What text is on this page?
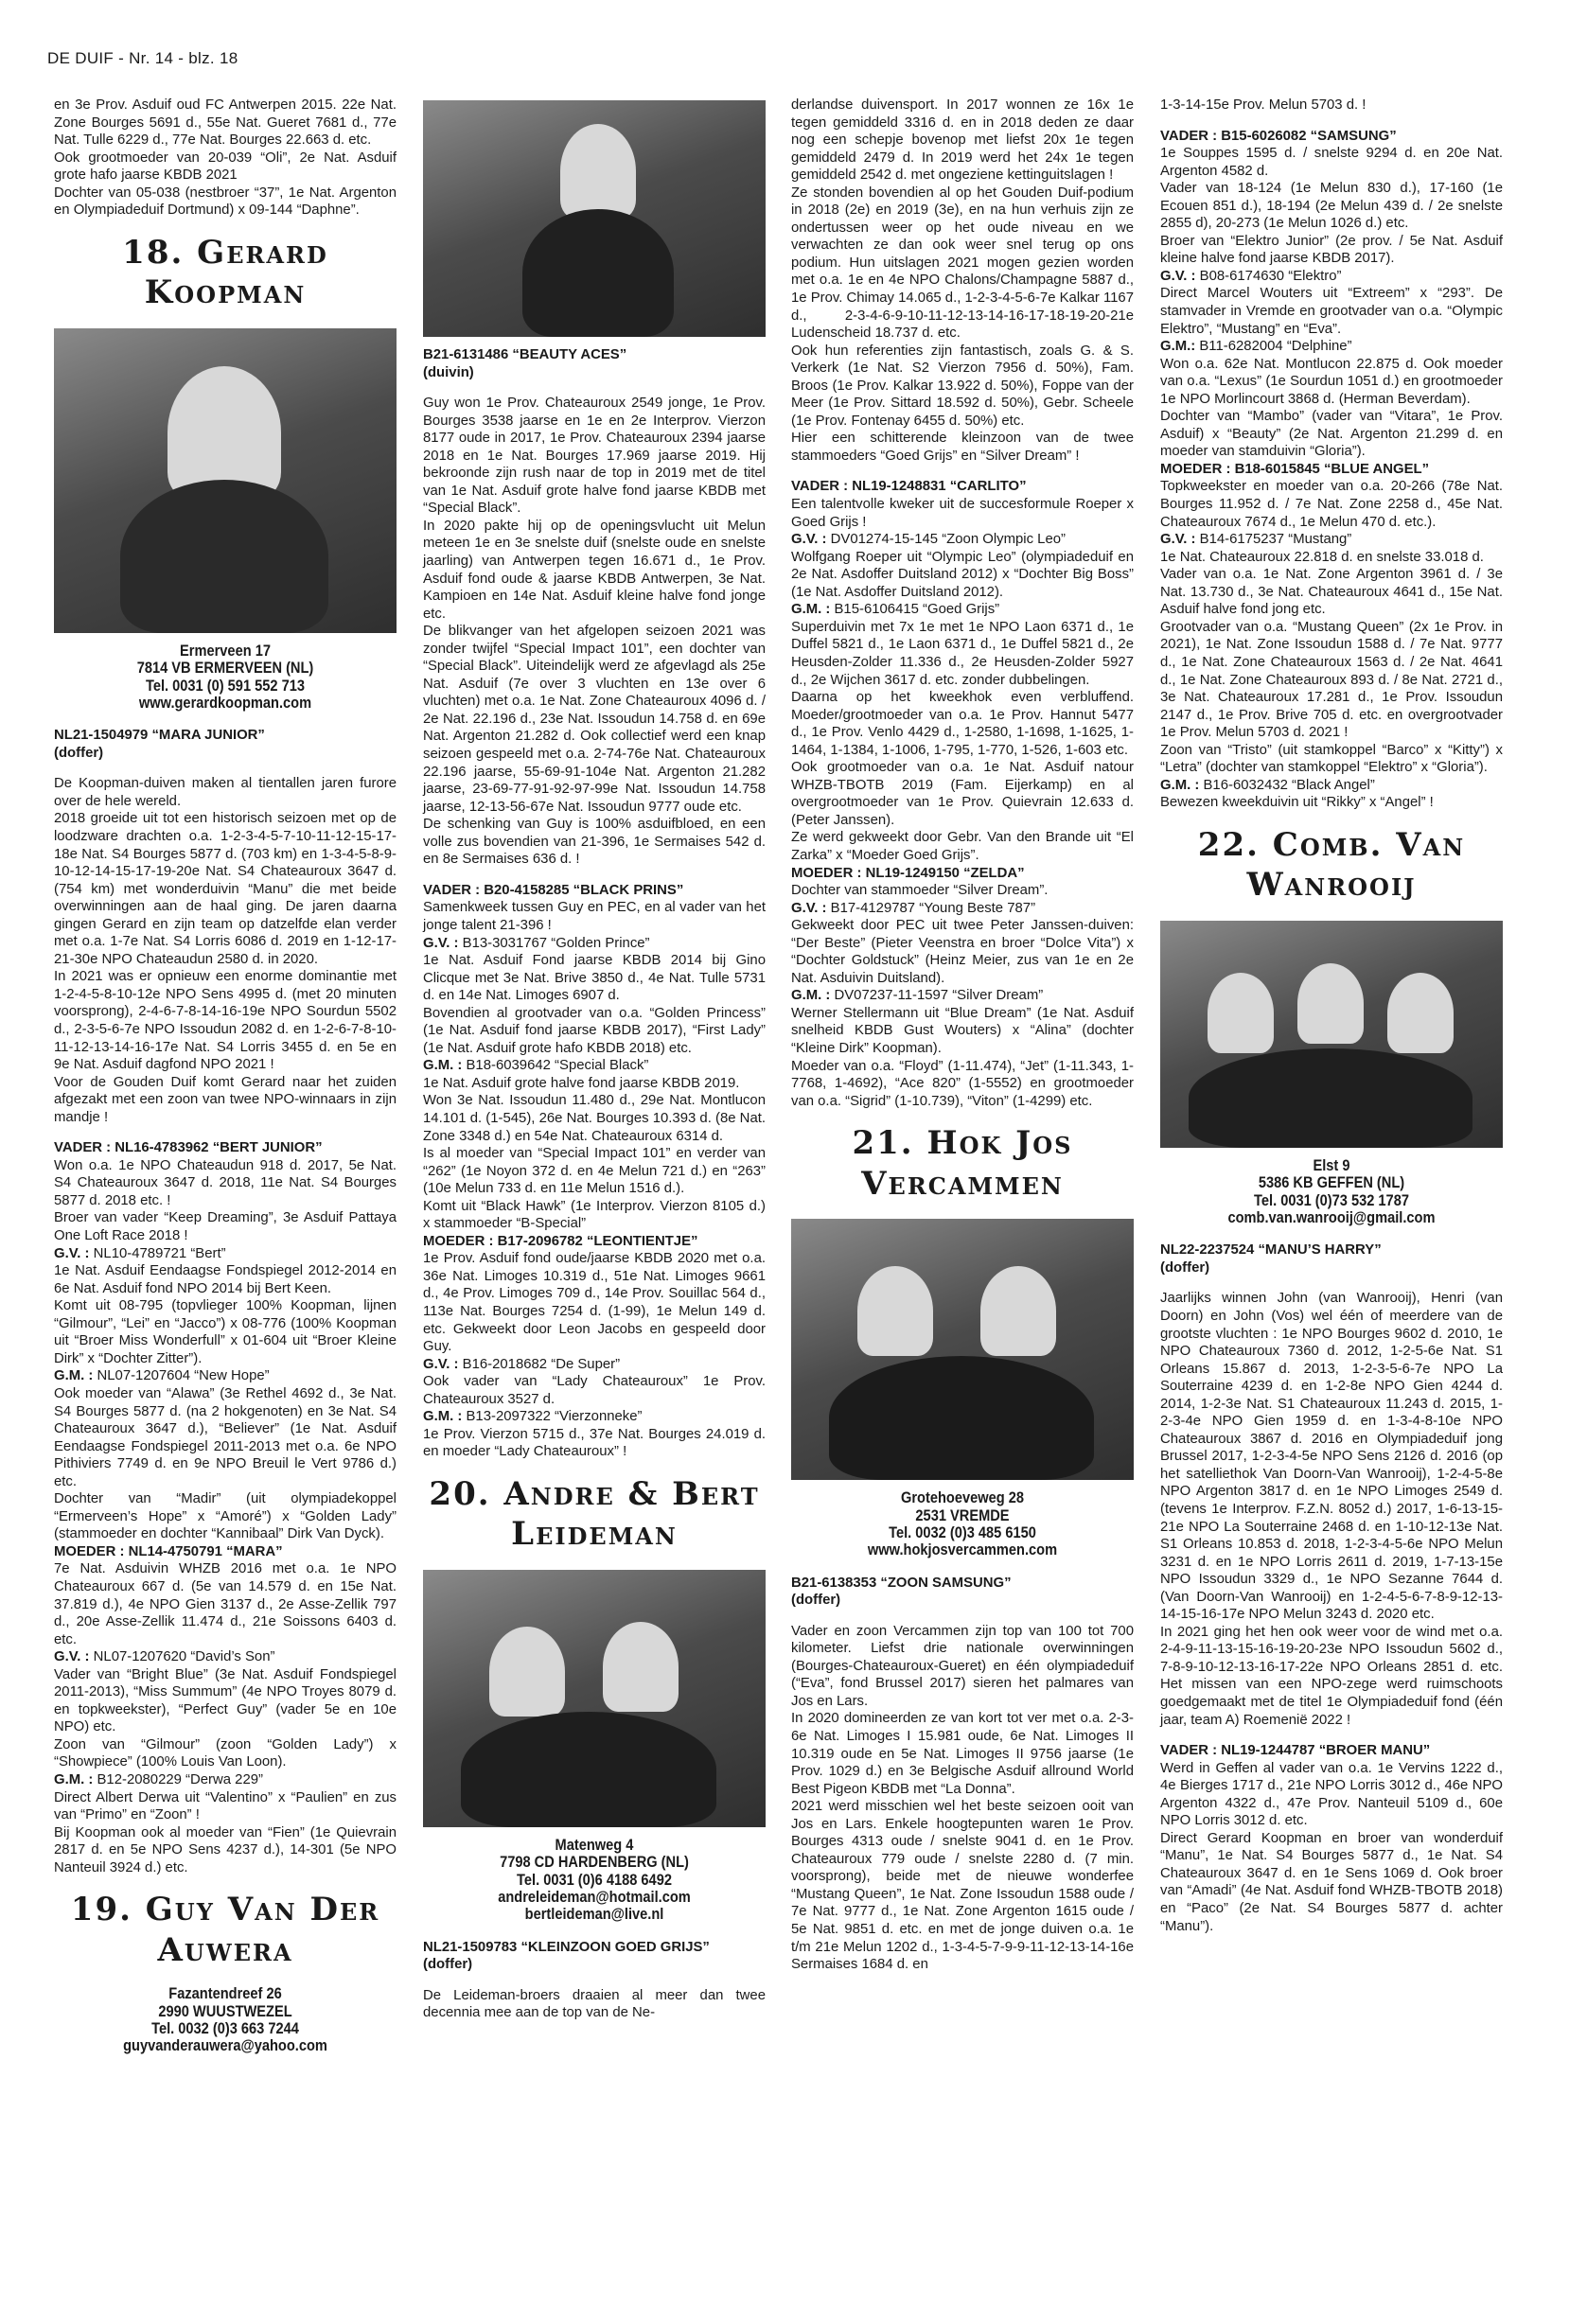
DE DUIF - Nr. 14 - blz. 18

en 3e Prov. Asduif oud FC Antwerpen 2015. 22e Nat. Zone Bourges 5691 d., 55e Nat. Gueret 7681 d., 77e Nat. Tulle 6229 d., 77e Nat. Bourges 22.663 d. etc.

Ook grootmoeder van 20-039 “Oli”, 2e Nat. Asduif grote hafo jaarse KBDB 2021

Dochter van 05-038 (nestbroer “37”, 1e Nat. Argenton en Olympiadeduif Dortmund) x 09-144 “Daphne”.

18. Gerard Koopman

Ermerveen 17

7814 VB ERMERVEEN (NL)

Tel. 0031 (0) 591 552 713

www.gerardkoopman.com

NL21-1504979 “MARA JUNIOR”

(doffer)

De Koopman-duiven maken al tientallen jaren furore over de hele wereld.

2018 groeide uit tot een historisch seizoen met op de loodzware drachten o.a. 1-2-3-4-5-7-10-11-12-15-17-18e Nat. S4 Bourges 5877 d. (703 km) en 1-3-4-5-8-9-10-12-14-15-17-19-20e Nat. S4 Chateauroux 3647 d. (754 km) met wonderduivin “Manu” die met beide overwinningen aan de haal ging. De jaren daarna gingen Gerard en zijn team op datzelfde elan verder met o.a. 1-7e Nat. S4 Lorris 6086 d. 2019 en 1-12-17-21-30e NPO Chateaudun 2580 d. in 2020.

In 2021 was er opnieuw een enorme dominantie met 1-2-4-5-8-10-12e NPO Sens 4995 d. (met 20 minuten voorsprong), 2-4-6-7-8-14-16-19e NPO Sourdun 5502 d., 2-3-5-6-7e NPO Issoudun 2082 d. en 1-2-6-7-8-10-11-12-13-14-16-17e Nat. S4 Lorris 3455 d. en 5e en 9e Nat. Asduif dagfond NPO 2021 !

Voor de Gouden Duif komt Gerard naar het zuiden afgezakt met een zoon van twee NPO-winnaars in zijn mandje !

VADER : NL16-4783962 “BERT JUNIOR”

Won o.a. 1e NPO Chateaudun 918 d. 2017, 5e Nat. S4 Chateauroux 3647 d. 2018, 11e Nat. S4 Bourges 5877 d. 2018 etc. !

Broer van vader “Keep Dreaming”, 3e Asduif Pattaya One Loft Race 2018 !

G.V. : NL10-4789721 “Bert”

1e Nat. Asduif Eendaagse Fondspiegel 2012-2014 en 6e Nat. Asduif fond NPO 2014 bij Bert Keen.

Komt uit 08-795 (topvlieger 100% Koopman, lijnen “Gilmour”, “Lei” en “Jacco”) x 08-776 (100% Koopman uit “Broer Miss Wonderfull” x 01-604 uit “Broer Kleine Dirk” x “Dochter Zitter”).

G.M. : NL07-1207604 “New Hope”

Ook moeder van “Alawa” (3e Rethel 4692 d., 3e Nat. S4 Bourges 5877 d. (na 2 hokgenoten) en 3e Nat. S4 Chateauroux 3647 d.), “Believer” (1e Nat. Asduif Eendaagse Fondspiegel 2011-2013 met o.a. 6e NPO Pithiviers 7749 d. en 9e NPO Breuil le Vert 9786 d.) etc.

Dochter van “Madir” (uit olympiadekoppel “Ermerveen’s Hope” x “Amoré”) x “Golden Lady” (stammoeder en dochter “Kannibaal” Dirk Van Dyck).

MOEDER : NL14-4750791 “MARA”

7e Nat. Asduivin WHZB 2016 met o.a. 1e NPO Chateauroux 667 d. (5e van 14.579 d. en 15e Nat. 37.819 d.), 4e NPO Gien 3137 d., 2e Asse-Zellik 797 d., 20e Asse-Zellik 11.474 d., 21e Soissons 6403 d. etc.

G.V. : NL07-1207620 “David’s Son”

Vader van “Bright Blue” (3e Nat. Asduif Fondspiegel 2011-2013), “Miss Summum” (4e NPO Troyes 8079 d. en topkweekster), “Perfect Guy” (vader 5e en 10e NPO) etc.

Zoon van “Gilmour” (zoon “Golden Lady”) x “Showpiece” (100% Louis Van Loon).

G.M. : B12-2080229 “Derwa 229”

Direct Albert Derwa uit “Valentino” x “Paulien” en zus van “Primo” en “Zoon” !

Bij Koopman ook al moeder van “Fien” (1e Quievrain 2817 d. en 5e NPO Sens 4237 d.), 14-301 (5e NPO Nanteuil 3924 d.) etc.

19. Guy Van Der Auwera

Fazantendreef 26

2990 WUUSTWEZEL

Tel. 0032 (0)3 663 7244

guyvanderauwera@yahoo.com

B21-6131486 “BEAUTY ACES”

(duivin)

Guy won 1e Prov. Chateauroux 2549 jonge, 1e Prov. Bourges 3538 jaarse en 1e en 2e Interprov. Vierzon 8177 oude in 2017, 1e Prov. Chateauroux 2394 jaarse 2018 en 1e Nat. Bourges 17.969 jaarse 2019. Hij bekroonde zijn rush naar de top in 2019 met de titel van 1e Nat. Asduif grote halve fond jaarse KBDB met “Special Black”.

In 2020 pakte hij op de openingsvlucht uit Melun meteen 1e en 3e snelste duif (snelste oude en snelste jaarling) van Antwerpen tegen 16.671 d., 1e Prov. Asduif fond oude & jaarse KBDB Antwerpen, 3e Nat. Kampioen en 14e Nat. Asduif kleine halve fond jonge etc.

De blikvanger van het afgelopen seizoen 2021 was zonder twijfel “Special Impact 101”, een dochter van “Special Black”. Uiteindelijk werd ze afgevlagd als 25e Nat. Asduif (7e over 3 vluchten en 13e over 6 vluchten) met o.a. 1e Nat. Zone Chateauroux 4096 d. / 2e Nat. 22.196 d., 23e Nat. Issoudun 14.758 d. en 69e Nat. Argenton 21.282 d. Ook collectief werd een knap seizoen gespeeld met o.a. 2-74-76e Nat. Chateauroux 22.196 jaarse, 55-69-91-104e Nat. Argenton 21.282 jaarse, 23-69-77-91-92-97-99e Nat. Issoudun 14.758 jaarse, 12-13-56-67e Nat. Issoudun 9777 oude etc.

De schenking van Guy is 100% asduifbloed, en een volle zus bovendien van 21-396, 1e Sermaises 542 d. en 8e Sermaises 636 d. !

VADER : B20-4158285 “BLACK PRINS”

Samenkweek tussen Guy en PEC, en al vader van het jonge talent 21-396 !

G.V. : B13-3031767 “Golden Prince”

1e Nat. Asduif Fond jaarse KBDB 2014 bij Gino Clicque met 3e Nat. Brive 3850 d., 4e Nat. Tulle 5731 d. en 14e Nat. Limoges 6907 d.

Bovendien al grootvader van o.a. “Golden Princess” (1e Nat. Asduif fond jaarse KBDB 2017), “First Lady” (1e Nat. Asduif grote hafo KBDB 2018) etc.

G.M. : B18-6039642 “Special Black”

1e Nat. Asduif grote halve fond jaarse KBDB 2019.

Won 3e Nat. Issoudun 11.480 d., 29e Nat. Montlucon 14.101 d. (1-545), 26e Nat. Bourges 10.393 d. (8e Nat. Zone 3348 d.) en 54e Nat. Chateauroux 6314 d.

Is al moeder van “Special Impact 101” en verder van “262” (1e Noyon 372 d. en 4e Melun 721 d.) en “263” (10e Melun 733 d. en 11e Melun 1516 d.).

Komt uit “Black Hawk” (1e Interprov. Vierzon 8105 d.) x stammoeder “B-Special”

MOEDER : B17-2096782 “LEONTIENTJE”

1e Prov. Asduif fond oude/jaarse KBDB 2020 met o.a. 36e Nat. Limoges 10.319 d., 51e Nat. Limoges 9661 d., 4e Prov. Limoges 709 d., 14e Prov. Souillac 564 d., 113e Nat. Bourges 7254 d. (1-99), 1e Melun 149 d. etc. Gekweekt door Leon Jacobs en gespeeld door Guy.

G.V. : B16-2018682 “De Super”

Ook vader van “Lady Chateauroux” 1e Prov. Chateauroux 3527 d.

G.M. : B13-2097322 “Vierzonneke”

1e Prov. Vierzon 5715 d., 37e Nat. Bourges 24.019 d. en moeder “Lady Chateauroux” !

20. Andre & Bert Leideman

Matenweg 4

7798 CD HARDENBERG (NL)

Tel. 0031 (0)6 4188 6492

andreleideman@hotmail.com

bertleideman@live.nl

NL21-1509783 “KLEINZOON GOED GRIJS”

(doffer)

De Leideman-broers draaien al meer dan twee decennia mee aan de top van de Ne-

derlandse duivensport. In 2017 wonnen ze 16x 1e tegen gemiddeld 3316 d. en in 2018 deden ze daar nog een schepje bovenop met liefst 20x 1e tegen gemiddeld 2479 d. In 2019 werd het 24x 1e tegen gemiddeld 2542 d. met ongeziene kettinguitslagen !

Ze stonden bovendien al op het Gouden Duif-podium in 2018 (2e) en 2019 (3e), en na hun verhuis zijn ze ondertussen weer op het oude niveau en we verwachten ze dan ook weer snel terug op ons podium. Hun uitslagen 2021 mogen gezien worden met o.a. 1e en 4e NPO Chalons/Champagne 5887 d., 1e Prov. Chimay 14.065 d., 1-2-3-4-5-6-7e Kalkar 1167 d., 2-3-4-6-9-10-11-12-13-14-16-17-18-19-20-21e Ludenscheid 18.737 d. etc.

Ook hun referenties zijn fantastisch, zoals G. & S. Verkerk (1e Nat. S2 Vierzon 7956 d. 50%), Fam. Broos (1e Prov. Kalkar 13.922 d. 50%), Foppe van der Meer (1e Prov. Sittard 18.592 d. 50%), Gebr. Scheele (1e Prov. Fontenay 6455 d. 50%) etc.

Hier een schitterende kleinzoon van de twee stammoeders “Goed Grijs” en “Silver Dream” !

VADER : NL19-1248831 “CARLITO”

Een talentvolle kweker uit de succesformule Roeper x Goed Grijs !

G.V. : DV01274-15-145 “Zoon Olympic Leo”

Wolfgang Roeper uit “Olympic Leo” (olympiadeduif en 2e Nat. Asdoffer Duitsland 2012) x “Dochter Big Boss” (1e Nat. Asdoffer Duitsland 2012).

G.M. : B15-6106415 “Goed Grijs”

Superduivin met 7x 1e met 1e NPO Laon 6371 d., 1e Duffel 5821 d., 1e Laon 6371 d., 1e Duffel 5821 d., 2e Heusden-Zolder 11.336 d., 2e Heusden-Zolder 5927 d., 2e Wijchen 3617 d. etc. zonder dubbelingen.

Daarna op het kweekhok even verbluffend. Moeder/grootmoeder van o.a. 1e Prov. Hannut 5477 d., 1e Prov. Venlo 4429 d., 1-2580, 1-1698, 1-1625, 1-1464, 1-1384, 1-1006, 1-795, 1-770, 1-526, 1-603 etc.

Ook grootmoeder van o.a. 1e Nat. Asduif natour WHZB-TBOTB 2019 (Fam. Eijerkamp) en al overgrootmoeder van 1e Prov. Quievrain 12.633 d. (Peter Janssen).

Ze werd gekweekt door Gebr. Van den Brande uit “El Zarka” x “Moeder Goed Grijs”.

MOEDER : NL19-1249150 “ZELDA”

Dochter van stammoeder “Silver Dream”.

G.V. : B17-4129787 “Young Beste 787”

Gekweekt door PEC uit twee Peter Janssen-duiven: “Der Beste” (Pieter Veenstra en broer “Dolce Vita”) x “Dochter Goldstuck” (Heinz Meier, zus van 1e en 2e Nat. Asduivin Duitsland).

G.M. : DV07237-11-1597 “Silver Dream”

Werner Stellermann uit “Blue Dream” (1e Nat. Asduif snelheid KBDB Gust Wouters) x “Alina” (dochter “Kleine Dirk” Koopman).

Moeder van o.a. “Floyd” (1-11.474), “Jet” (1-11.343, 1-7768, 1-4692), “Ace 820” (1-5552) en grootmoeder van o.a. “Sigrid” (1-10.739), “Viton” (1-4299) etc.

21. Hok Jos Vercammen

Grotehoeveweg 28

2531 VREMDE

Tel. 0032 (0)3 485 6150

www.hokjosvercammen.com

B21-6138353 “ZOON SAMSUNG”

(doffer)

Vader en zoon Vercammen zijn top van 100 tot 700 kilometer. Liefst drie nationale overwinningen (Bourges-Chateauroux-Gueret) en één olympiadeduif (“Eva”, fond Brussel 2017) sieren het palmares van Jos en Lars.

In 2020 domineerden ze van kort tot ver met o.a. 2-3-6e Nat. Limoges I 15.981 oude, 6e Nat. Limoges II 10.319 oude en 5e Nat. Limoges II 9756 jaarse (1e Prov. 1029 d.) en 3e Belgische Asduif allround World Best Pigeon KBDB met “La Donna”.

2021 werd misschien wel het beste seizoen ooit van Jos en Lars. Enkele hoogtepunten waren 1e Prov. Bourges 4313 oude / snelste 9041 d. en 1e Prov. Chateauroux 779 oude / snelste 2280 d. (7 min. voorsprong), beide met de nieuwe wonderfee “Mustang Queen”, 1e Nat. Zone Issoudun 1588 oude / 7e Nat. 9777 d., 1e Nat. Zone Argenton 1615 oude / 5e Nat. 9851 d. etc. en met de jonge duiven o.a. 1e t/m 21e Melun 1202 d., 1-3-4-5-7-9-9-11-12-13-14-16e Sermaises 1684 d. en

1-3-14-15e Prov. Melun 5703 d. !

VADER : B15-6026082 “SAMSUNG”

1e Souppes 1595 d. / snelste 9294 d. en 20e Nat. Argenton 4582 d.

Vader van 18-124 (1e Melun 830 d.), 17-160 (1e Ecouen 851 d.), 18-194 (2e Melun 439 d. / 2e snelste 2855 d), 20-273 (1e Melun 1026 d.) etc.

Broer van “Elektro Junior” (2e prov. / 5e Nat. Asduif kleine halve fond jaarse KBDB 2017).

G.V. : B08-6174630 “Elektro”

Direct Marcel Wouters uit “Extreem” x “293”. De stamvader in Vremde en grootvader van o.a. “Olympic Elektro”, “Mustang” en “Eva”.

G.M.: B11-6282004 “Delphine”

Won o.a. 62e Nat. Montlucon 22.875 d. Ook moeder van o.a. “Lexus” (1e Sourdun 1051 d.) en grootmoeder 1e NPO Morlincourt 3868 d. (Herman Beverdam).

Dochter van “Mambo” (vader van “Vitara”, 1e Prov. Asduif) x “Beauty” (2e Nat. Argenton 21.299 d. en moeder van stamduivin “Gloria”).

MOEDER : B18-6015845 “BLUE ANGEL”

Topkweekster en moeder van o.a. 20-266 (78e Nat. Bourges 11.952 d. / 7e Nat. Zone 2258 d., 45e Nat. Chateauroux 7674 d., 1e Melun 470 d. etc.).

G.V. : B14-6175237 “Mustang”

1e Nat. Chateauroux 22.818 d. en snelste 33.018 d.

Vader van o.a. 1e Nat. Zone Argenton 3961 d. / 3e Nat. 13.730 d., 3e Nat. Chateauroux 4641 d., 15e Nat. Asduif halve fond jong etc.

Grootvader van o.a. “Mustang Queen” (2x 1e Prov. in 2021), 1e Nat. Zone Issoudun 1588 d. / 7e Nat. 9777 d., 1e Nat. Zone Chateauroux 1563 d. / 2e Nat. 4641 d., 1e Nat. Zone Chateauroux 893 d. / 8e Nat. 2721 d., 3e Nat. Chateauroux 17.281 d., 1e Prov. Issoudun 2147 d., 1e Prov. Brive 705 d. etc. en overgrootvader 1e Prov. Melun 5703 d. 2021 !

Zoon van “Tristo” (uit stamkoppel “Barco” x “Kitty”) x “Letra” (dochter van stamkoppel “Elektro” x “Gloria”).

G.M. : B16-6032432 “Black Angel”

Bewezen kweekduivin uit “Rikky” x “Angel” !

22. Comb. Van Wanrooij

Elst 9

5386 KB GEFFEN (NL)

Tel. 0031 (0)73 532 1787

comb.van.wanrooij@gmail.com

NL22-2237524 “MANU’S HARRY”

(doffer)

Jaarlijks winnen John (van Wanrooij), Henri (van Doorn) en John (Vos) wel één of meerdere van de grootste vluchten : 1e NPO Bourges 9602 d. 2010, 1e NPO Chateauroux 7360 d. 2012, 1-2-5-6e Nat. S1 Orleans 15.867 d. 2013, 1-2-3-5-6-7e NPO La Souterraine 4239 d. en 1-2-8e NPO Gien 4244 d. 2014, 1-2-3e Nat. S1 Chateauroux 11.243 d. 2015, 1-2-3-4e NPO Gien 1959 d. en 1-3-4-8-10e NPO Chateauroux 3867 d. 2016 en Olympiadeduif jong Brussel 2017, 1-2-3-4-5e NPO Sens 2126 d. 2016 (op het satelliethok Van Doorn-Van Wanrooij), 1-2-4-5-8e NPO Argenton 3817 d. en 1e NPO Limoges 2549 d. (tevens 1e Interprov. F.Z.N. 8052 d.) 2017, 1-6-13-15-21e NPO La Souterraine 2468 d. en 1-10-12-13e Nat. S1 Orleans 10.853 d. 2018, 1-2-3-4-5-6e NPO Melun 3231 d. en 1e NPO Lorris 2611 d. 2019, 1-7-13-15e NPO Issoudun 3329 d., 1e NPO Sezanne 7644 d. (Van Doorn-Van Wanrooij) en 1-2-4-5-6-7-8-9-12-13-14-15-16-17e NPO Melun 3243 d. 2020 etc.

In 2021 ging het hen ook weer voor de wind met o.a. 2-4-9-11-13-15-16-19-20-23e NPO Issoudun 5602 d., 7-8-9-10-12-13-16-17-22e NPO Orleans 2851 d. etc. Het missen van een NPO-zege werd ruimschoots goedgemaakt met de titel 1e Olympiadeduif fond (één jaar, team A) Roemenië 2022 !

VADER : NL19-1244787 “BROER MANU”

Werd in Geffen al vader van o.a. 1e Vervins 1222 d., 4e Bierges 1717 d., 21e NPO Lorris 3012 d., 46e NPO Argenton 4322 d., 47e Prov. Nanteuil 5109 d., 60e NPO Lorris 3012 d. etc.

Direct Gerard Koopman en broer van wonderduif “Manu”, 1e Nat. S4 Bourges 5877 d., 1e Nat. S4 Chateauroux 3647 d. en 1e Sens 1069 d. Ook broer van “Amadi” (4e Nat. Asduif fond WHZB-TBOTB 2018) en “Paco” (2e Nat. S4 Bourges 5877 d. achter “Manu”).
